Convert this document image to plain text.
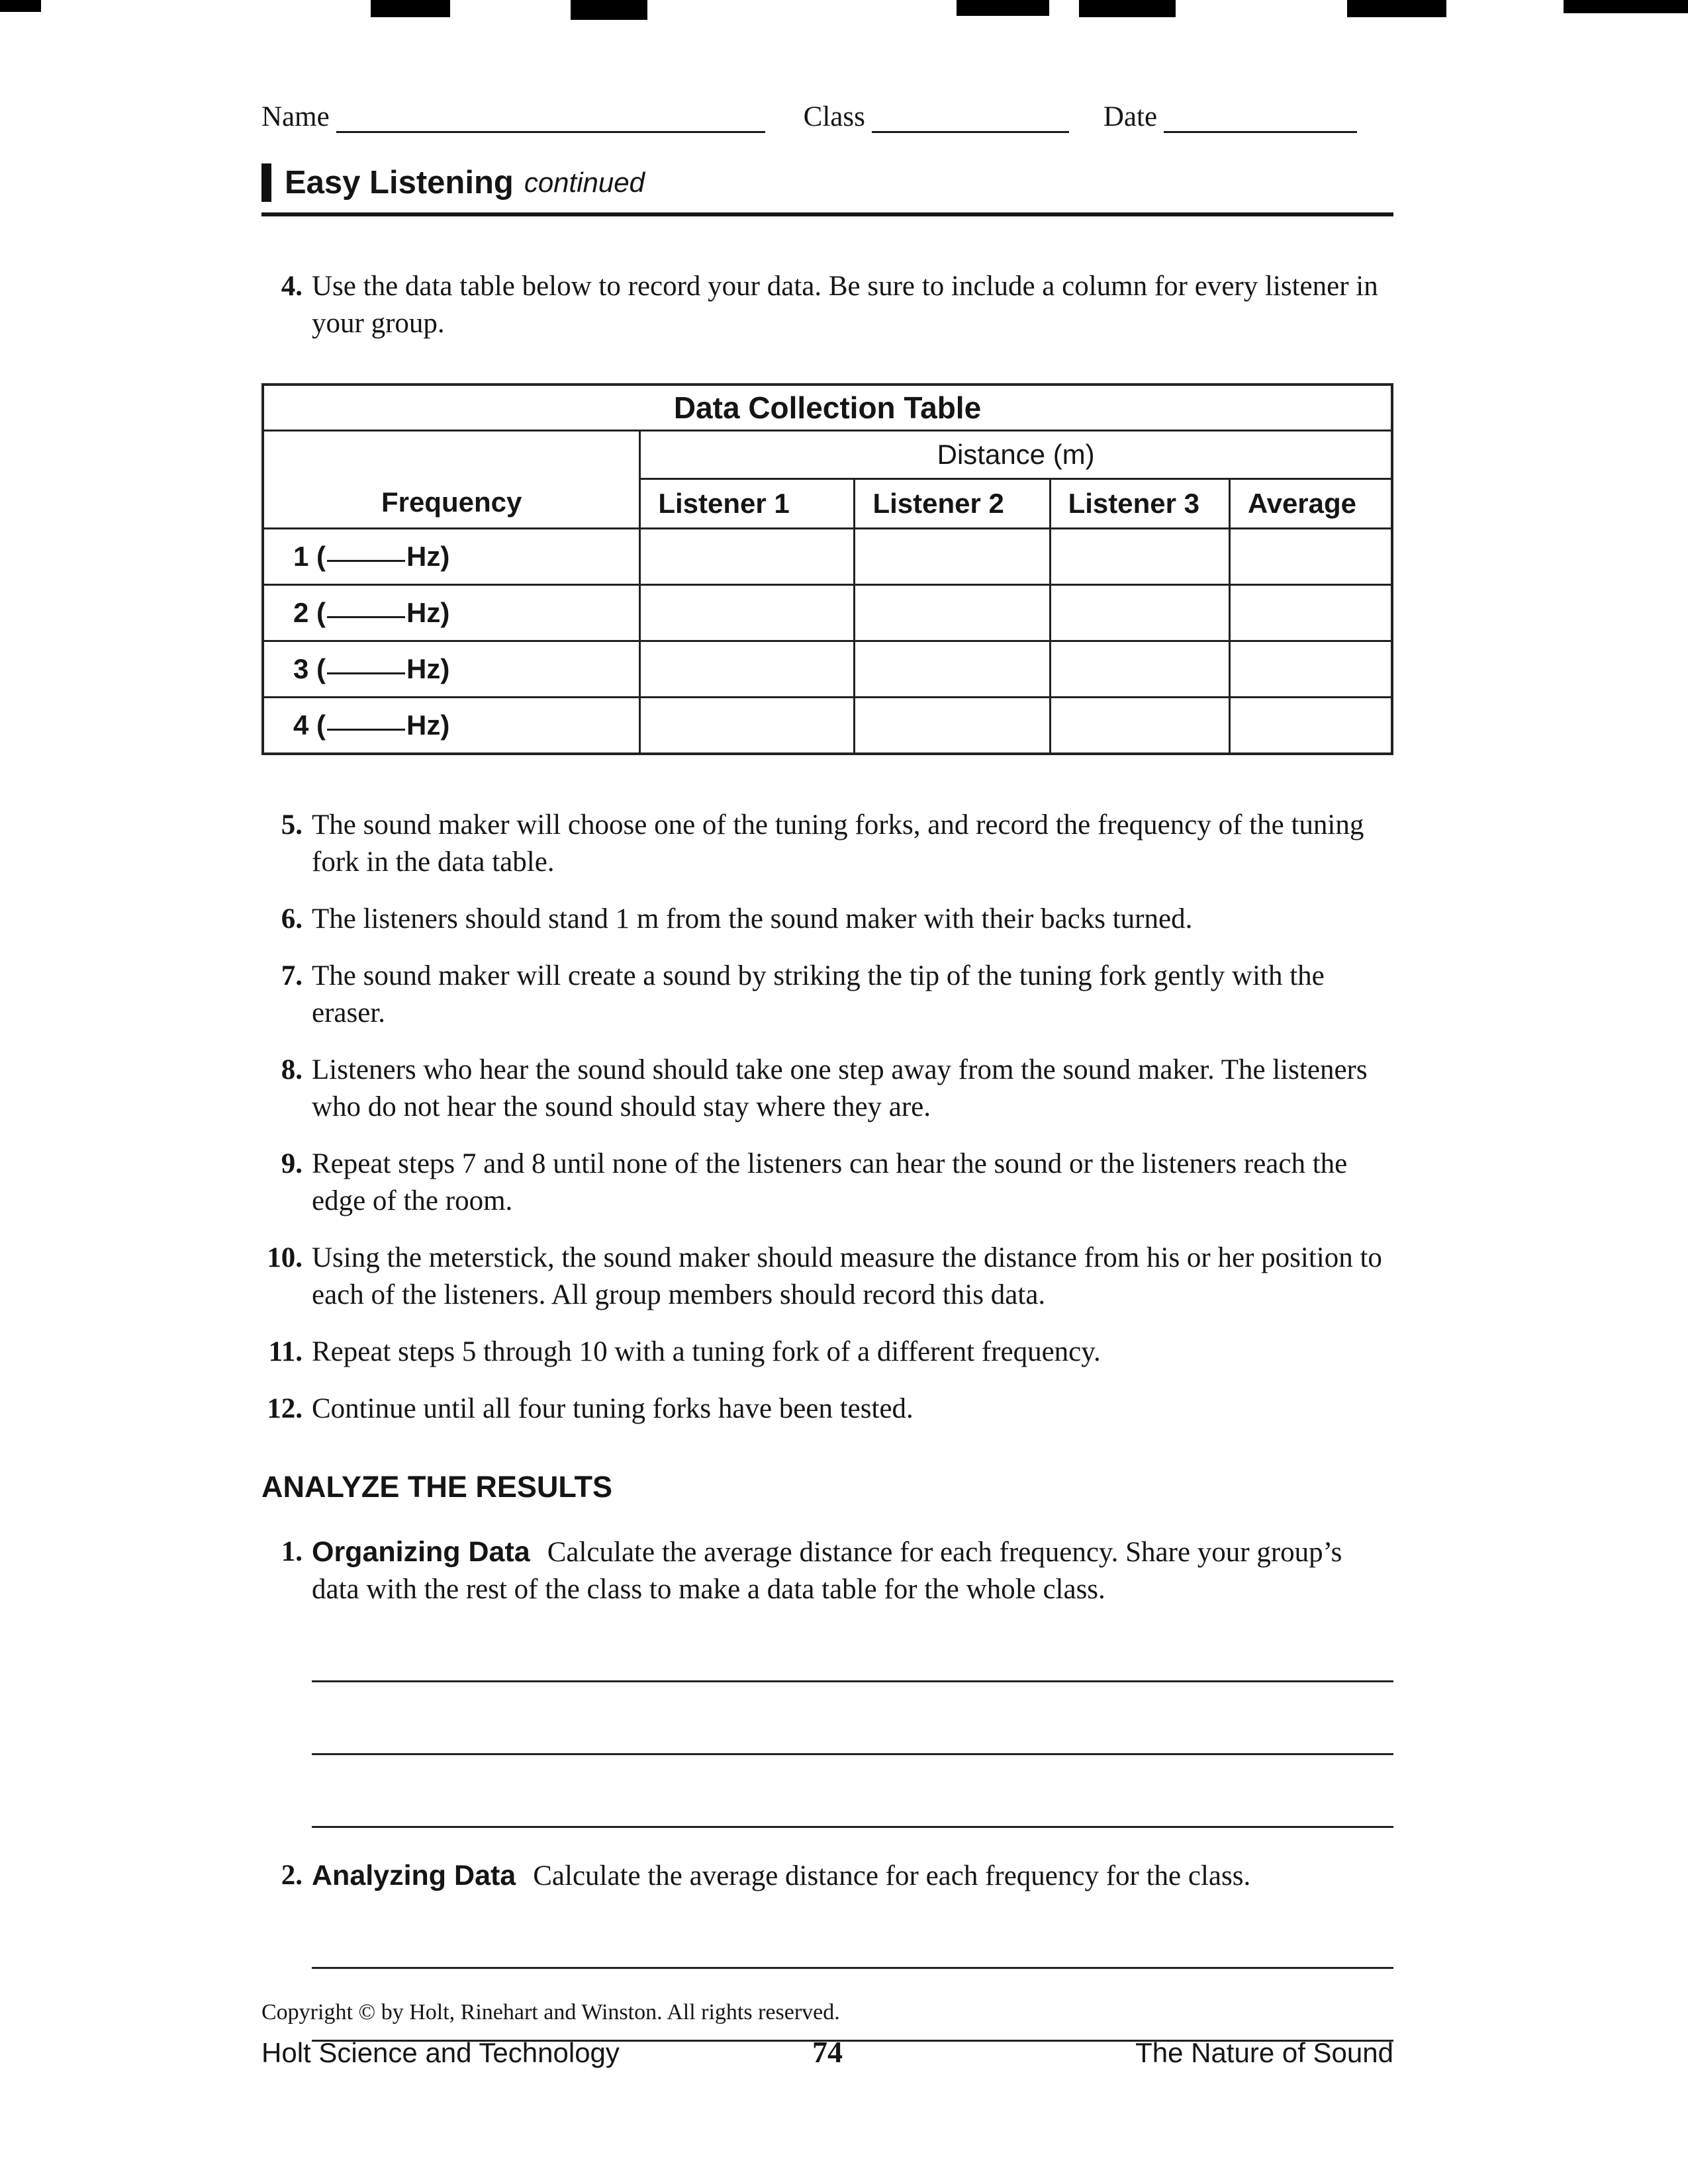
Name	Class	Date
Easy Listening continued
4. Use the data table below to record your data. Be sure to include a column for every listener in your group.
Data Collection Table				
Frequency	Distance (m)			
	Listener 1	Listener 2	Listener 3	Average
1 ( Hz)				
2 ( Hz)				
3 ( Hz)				
4 ( Hz)				
5. The sound maker will choose one of the tuning forks, and record the frequency of the tuning fork in the data table.
6. The listeners should stand 1 m from the sound maker with their backs turned.
7. The sound maker will create a sound by striking the tip of the tuning fork gently with the eraser.
8. Listeners who hear the sound should take one step away from the sound maker. The listeners who do not hear the sound should stay where they are.
9. Repeat steps 7 and 8 until none of the listeners can hear the sound or the listeners reach the edge of the room.
10. Using the meterstick, the sound maker should measure the distance from his or her position to each of the listeners. All group members should record this data.
11. Repeat steps 5 through 10 with a tuning fork of a different frequency.
12. Continue until all four tuning forks have been tested.
ANALYZE THE RESULTS
1. Organizing Data Calculate the average distance for each frequency. Share your group’s data with the rest of the class to make a data table for the whole class.
2. Analyzing Data Calculate the average distance for each frequency for the class.
Copyright © by Holt, Rinehart and Winston. All rights reserved.
Holt Science and Technology	74	The Nature of Sound
